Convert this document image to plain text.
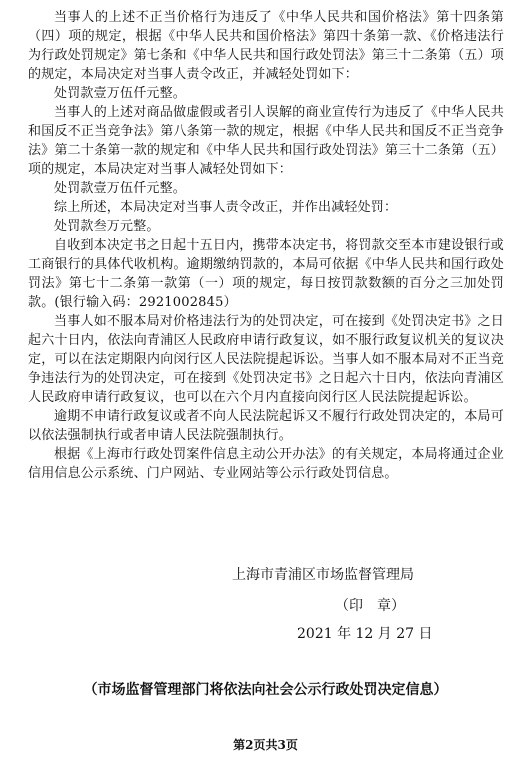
当事人的上述不正当价格行为违反了《中华人民共和国价格法》第十四条第（四）项的规定，根据《中华人民共和国价格法》第四十条第一款、《价格违法行为行政处罚规定》第七条和《中华人民共和国行政处罚法》第三十二条第（五）项的规定，本局决定对当事人责令改正，并减轻处罚如下：

处罚款壹万伍仟元整。

当事人的上述对商品做虚假或者引人误解的商业宣传行为违反了《中华人民共和国反不正当竞争法》第八条第一款的规定，根据《中华人民共和国反不正当竞争法》第二十条第一款的规定和《中华人民共和国行政处罚法》第三十二条第（五）项的规定，本局决定对当事人减轻处罚如下：

处罚款壹万伍仟元整。

综上所述，本局决定对当事人责令改正，并作出减轻处罚：

处罚款叁万元整。

自收到本决定书之日起十五日内，携带本决定书，将罚款交至本市建设银行或工商银行的具体代收机构。逾期缴纳罚款的，本局可依据《中华人民共和国行政处罚法》第七十二条第一款第（一）项的规定，每日按罚款数额的百分之三加处罚款。(银行输入码：2921002845）

当事人如不服本局对价格违法行为的处罚决定，可在接到《处罚决定书》之日起六十日内，依法向青浦区人民政府申请行政复议，如不服行政复议机关的复议决定，可以在法定期限内向闵行区人民法院提起诉讼。当事人如不服本局对不正当竞争违法行为的处罚决定，可在接到《处罚决定书》之日起六十日内，依法向青浦区人民政府申请行政复议，也可以在六个月内直接向闵行区人民法院提起诉讼。

逾期不申请行政复议或者不向人民法院起诉又不履行行政处罚决定的，本局可以依法强制执行或者申请人民法院强制执行。

根据《上海市行政处罚案件信息主动公开办法》的有关规定，本局将通过企业信用信息公示系统、门户网站、专业网站等公示行政处罚信息。

上海市青浦区市场监督管理局
（印　章）
2021 年 12 月 27 日
（市场监督管理部门将依法向社会公示行政处罚决定信息）
第2页共3页
